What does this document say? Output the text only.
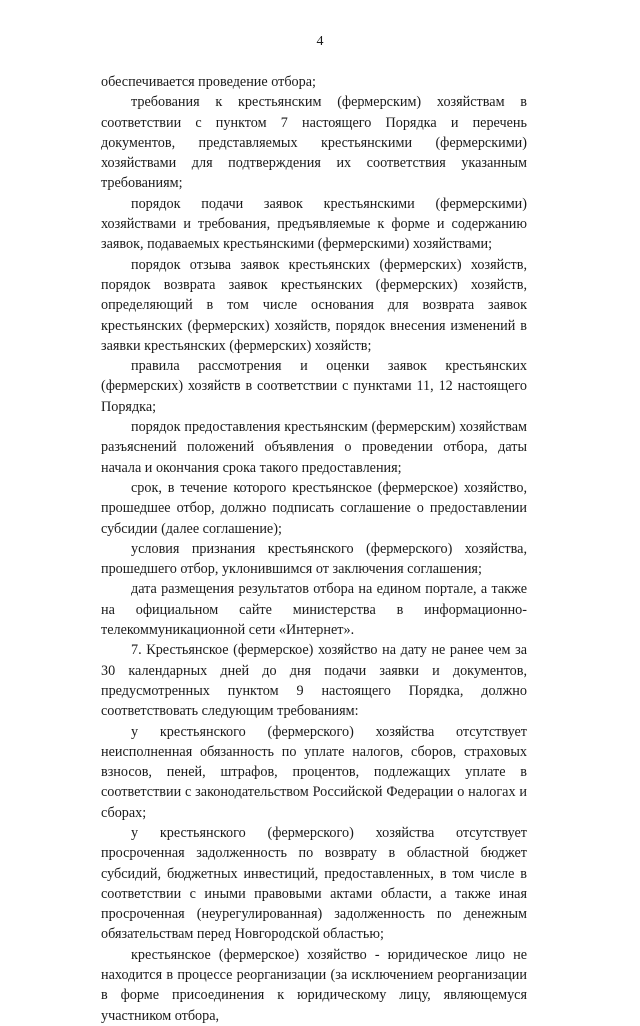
4

обеспечивается проведение отбора;

требования к крестьянским (фермерским) хозяйствам в соответствии с пунктом 7 настоящего Порядка и перечень документов, представляемых крестьянскими (фермерскими) хозяйствами для подтверждения их соответствия указанным требованиям;

порядок подачи заявок крестьянскими (фермерскими) хозяйствами и требования, предъявляемые к форме и содержанию заявок, подаваемых крестьянскими (фермерскими) хозяйствами;

порядок отзыва заявок крестьянских (фермерских) хозяйств, порядок возврата заявок крестьянских (фермерских) хозяйств, определяющий в том числе основания для возврата заявок крестьянских (фермерских) хозяйств, порядок внесения изменений в заявки крестьянских (фермерских) хозяйств;

правила рассмотрения и оценки заявок крестьянских (фермерских) хозяйств в соответствии с пунктами 11, 12 настоящего Порядка;

порядок предоставления крестьянским (фермерским) хозяйствам разъяснений положений объявления о проведении отбора, даты начала и окончания срока такого предоставления;

срок, в течение которого крестьянское (фермерское) хозяйство, прошедшее отбор, должно подписать соглашение о предоставлении субсидии (далее соглашение);

условия признания крестьянского (фермерского) хозяйства, прошедшего отбор, уклонившимся от заключения соглашения;

дата размещения результатов отбора на едином портале, а также на официальном сайте министерства в информационно-телекоммуникационной сети «Интернет».

7. Крестьянское (фермерское) хозяйство на дату не ранее чем за 30 календарных дней до дня подачи заявки и документов, предусмотренных пунктом 9 настоящего Порядка, должно соответствовать следующим требованиям:

у крестьянского (фермерского) хозяйства отсутствует неисполненная обязанность по уплате налогов, сборов, страховых взносов, пеней, штрафов, процентов, подлежащих уплате в соответствии с законодательством Российской Федерации о налогах и сборах;

у крестьянского (фермерского) хозяйства отсутствует просроченная задолженность по возврату в областной бюджет субсидий, бюджетных инвестиций, предоставленных, в том числе в соответствии с иными правовыми актами области, а также иная просроченная (неурегулированная) задолженность по денежным обязательствам перед Новгородской областью;

крестьянское (фермерское) хозяйство - юридическое лицо не находится в процессе реорганизации (за исключением реорганизации в форме присоединения к юридическому лицу, являющемуся участником отбора,
